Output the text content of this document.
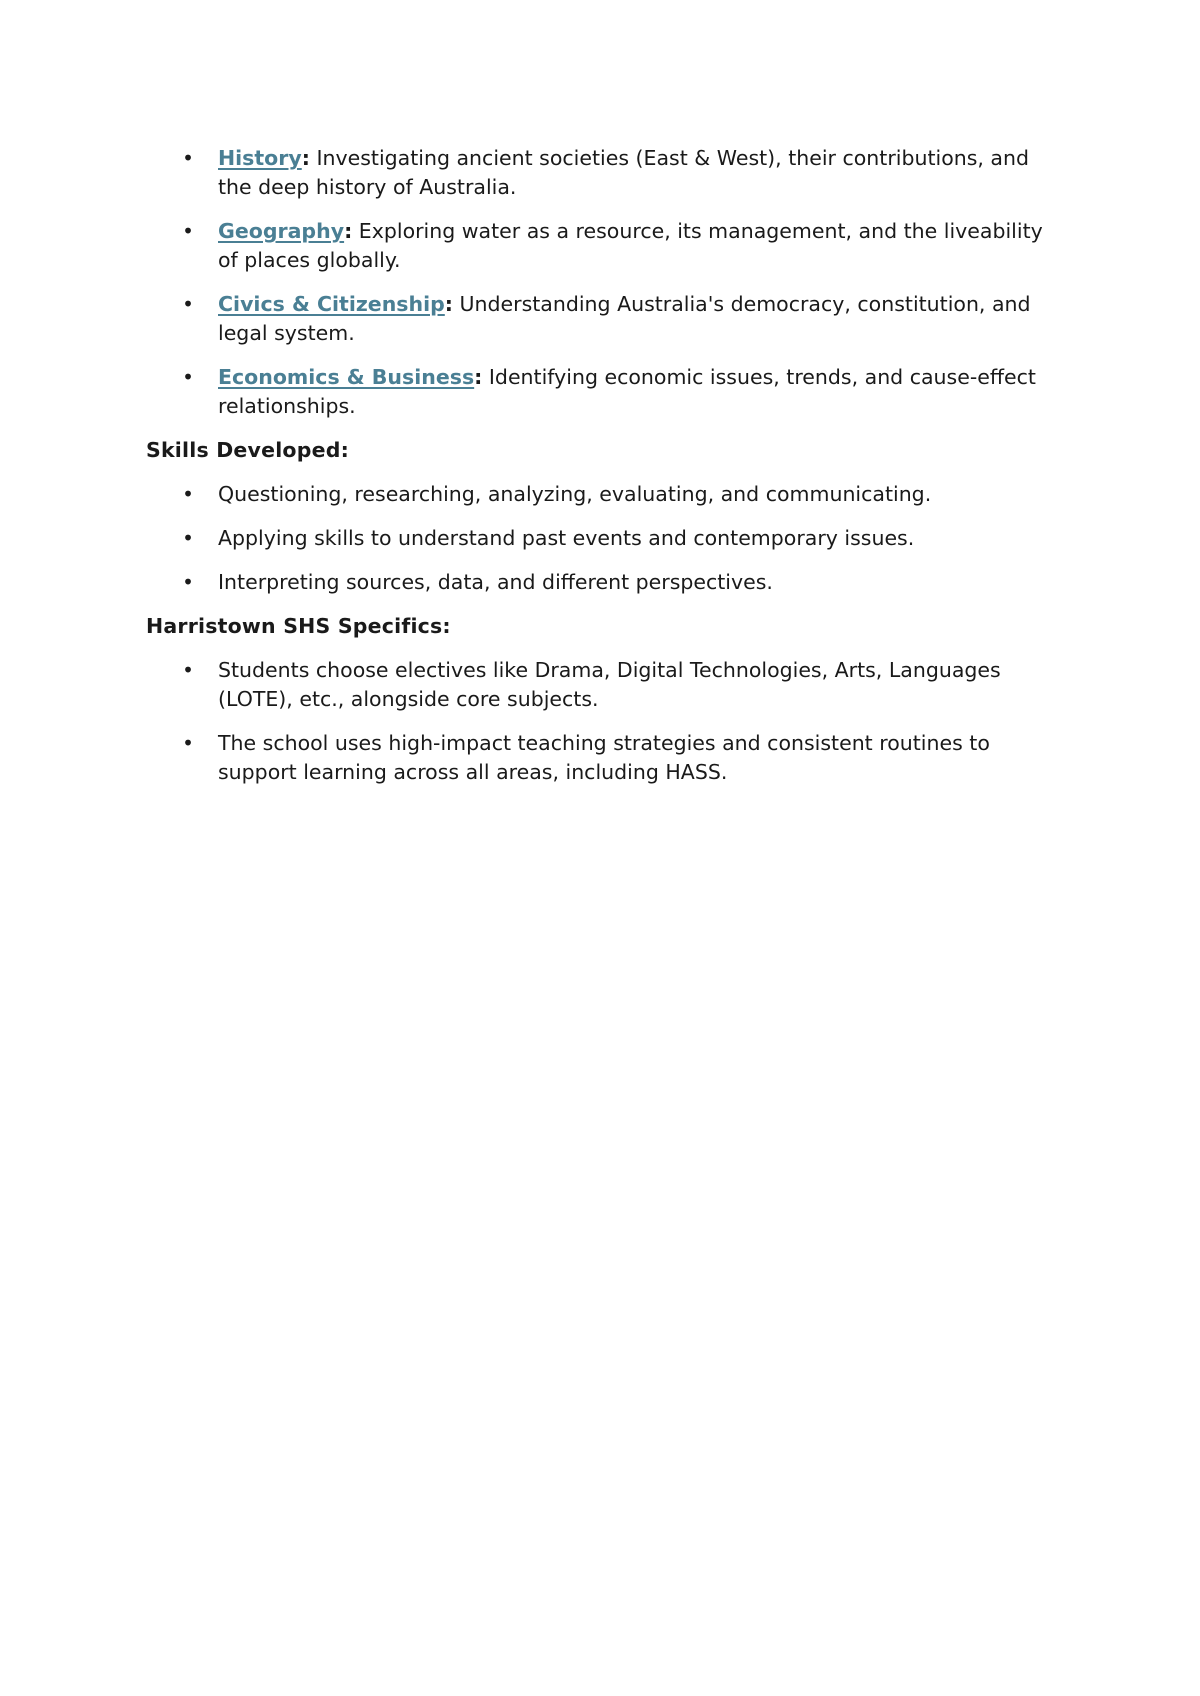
• History: Investigating ancient societies (East & West), their contributions, and the deep history of Australia.
• Geography: Exploring water as a resource, its management, and the liveability of places globally.
• Civics & Citizenship: Understanding Australia's democracy, constitution, and legal system.
• Economics & Business: Identifying economic issues, trends, and cause-effect relationships.
Skills Developed:
• Questioning, researching, analyzing, evaluating, and communicating.
• Applying skills to understand past events and contemporary issues.
• Interpreting sources, data, and different perspectives.
Harristown SHS Specifics:
• Students choose electives like Drama, Digital Technologies, Arts, Languages (LOTE), etc., alongside core subjects.
• The school uses high-impact teaching strategies and consistent routines to support learning across all areas, including HASS.
